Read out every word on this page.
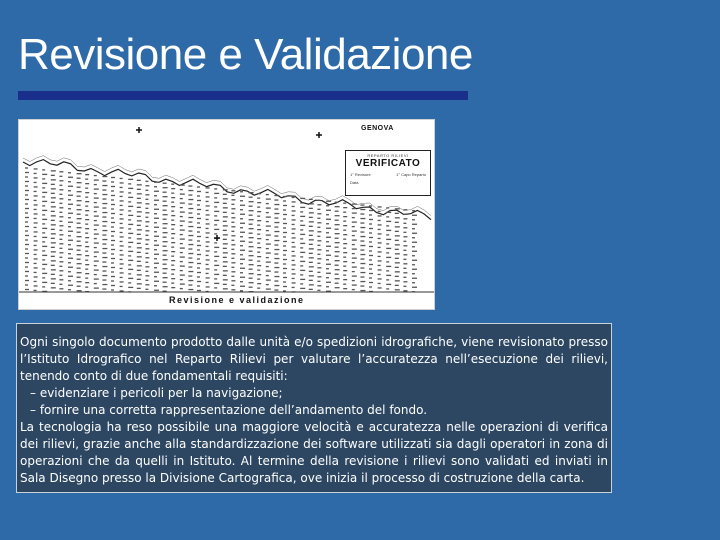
Revisione e Validazione
GENOVA
REPARTO RILIEVI
VERIFICATO
1° Revisore	1° Capo Reparto
Data
Revisione e validazione

Ogni singolo documento prodotto dalle unità e/o spedizioni idrografiche, viene revisionato presso l’Istituto Idrografico nel Reparto Rilievi per valutare l’accuratezza nell’esecuzione dei rilievi, tenendo conto di due fondamentali requisiti:

– evidenziare i pericoli per la navigazione;

– fornire una corretta rappresentazione dell’andamento del fondo.

La tecnologia ha reso possibile una maggiore velocità e accuratezza nelle operazioni di verifica dei rilievi, grazie anche alla standardizzazione dei software utilizzati sia dagli operatori in zona di operazioni che da quelli in Istituto. Al termine della revisione i rilievi sono validati ed inviati in Sala Disegno presso la Divisione Cartografica, ove inizia il processo di costruzione della carta.
